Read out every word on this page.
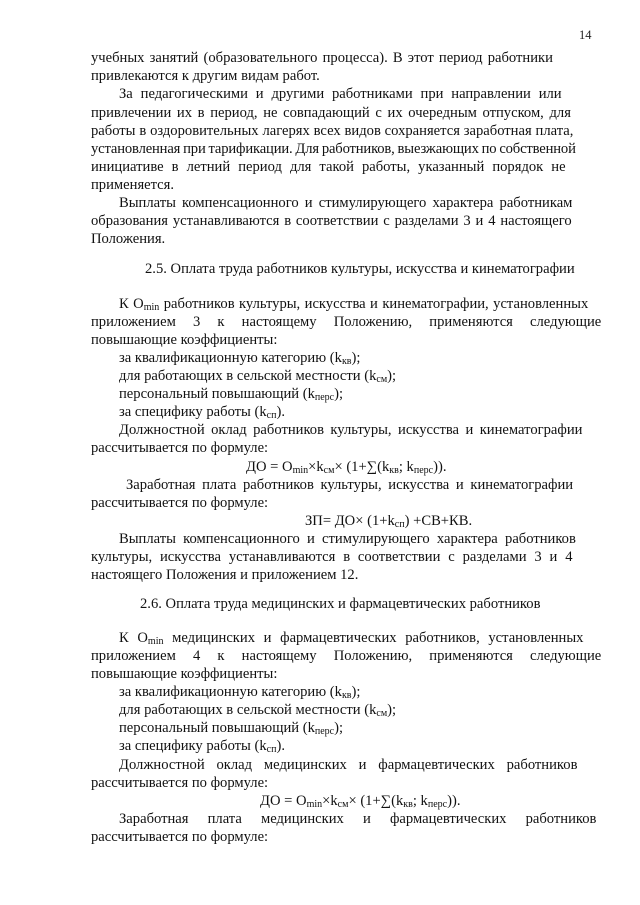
14
учебных занятий (образовательного процесса). В этот период работники
привлекаются к другим видам работ.
За педагогическими и другими работниками при направлении или
привлечении их в период, не совпадающий с их очередным отпуском, для
работы в оздоровительных лагерях всех видов сохраняется заработная плата,
установленная при тарификации. Для работников, выезжающих по собственной
инициативе в летний период для такой работы, указанный порядок не
применяется.
Выплаты компенсационного и стимулирующего характера работникам
образования устанавливаются в соответствии с разделами 3 и 4 настоящего
Положения.
2.5. Оплата труда работников культуры, искусства и кинематографии
К $О_{min}$ работников культуры, искусства и кинематографии, установленных
приложением 3 к настоящему Положению, применяются следующие
повышающие коэффициенты:
за квалификационную категорию $(k_{кв})$;
для работающих в сельской местности $(k_{см})$;
персональный повышающий $(k_{перс})$;
за специфику работы $(k_{сп})$.
Должностной оклад работников культуры, искусства и кинематографии
рассчитывается по формуле:
ДО = $О_{min}\times k_{см}\times (1+\sum(k_{кв}$; $k_{перс}$)).
Заработная плата работников культуры, искусства и кинематографии
рассчитывается по формуле:
$ЗП= ДО\times (1+k_{сп}) +СВ+КВ$.
Выплаты компенсационного и стимулирующего характера работников
культуры, искусства устанавливаются в соответствии с разделами 3 и 4
настоящего Положения и приложением 12.
2.6. Оплата труда медицинских и фармацевтических работников
К $О_{min}$ медицинских и фармацевтических работников, установленных
приложением 4 к настоящему Положению, применяются следующие
повышающие коэффициенты:
за квалификационную категорию $(k_{кв})$;
для работающих в сельской местности $(k_{см})$;
персональный повышающий $(k_{перс})$;
за специфику работы $(k_{сп})$.
Должностной оклад медицинских и фармацевтических работников
рассчитывается по формуле:
ДО = $О_{min}\times k_{см}\times (1+\sum(k_{кв}$; $k_{перс}$)).
Заработная плата медицинских и фармацевтических работников
рассчитывается по формуле:
